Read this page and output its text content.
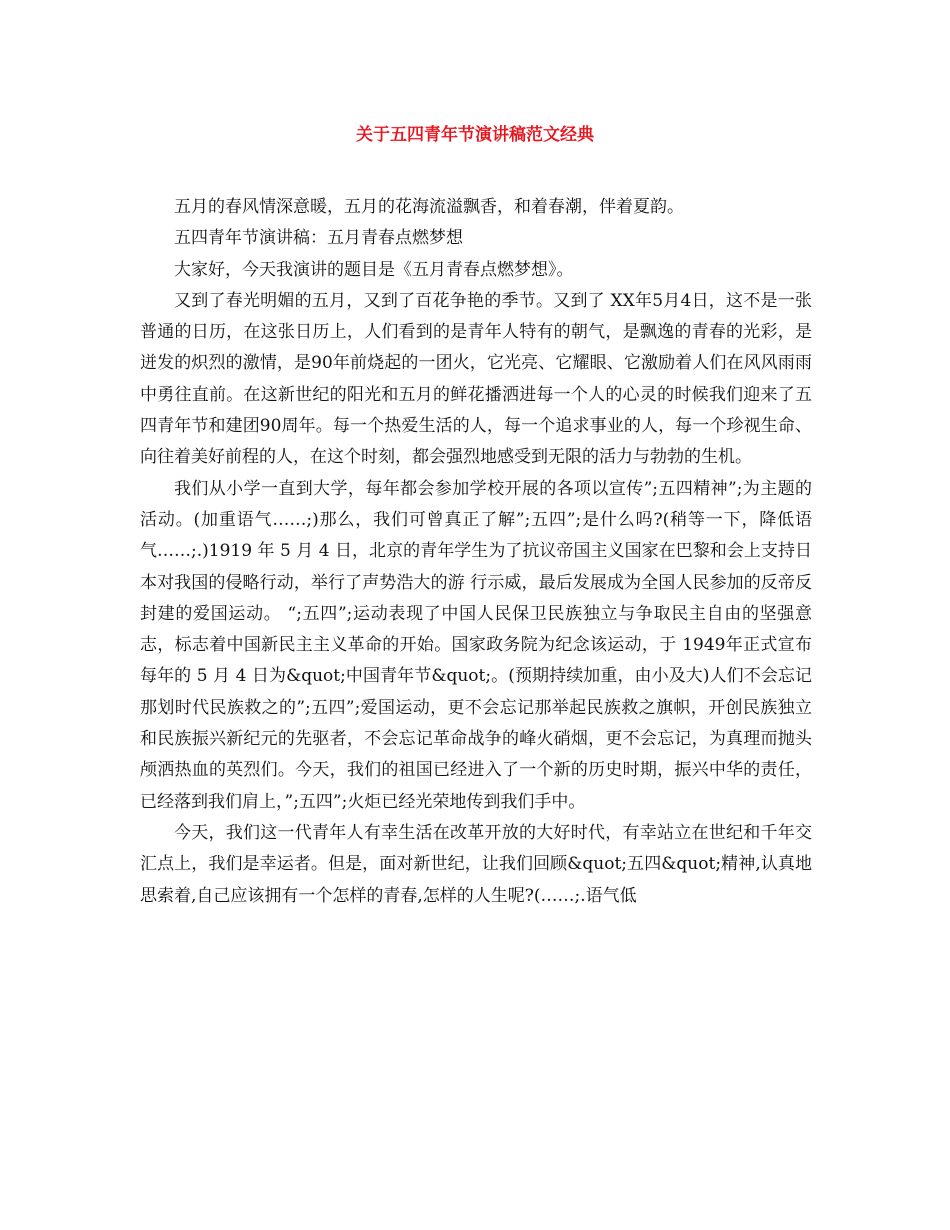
关于五四青年节演讲稿范文经典

五月的春风情深意暖，五月的花海流溢飘香，和着春潮，伴着夏韵。

五四青年节演讲稿：五月青春点燃梦想

大家好，今天我演讲的题目是《五月青春点燃梦想》。

又到了春光明媚的五月，又到了百花争艳的季节。又到了 XX年5月4日，这不是一张普通的日历，在这张日历上，人们看到的是青年人特有的朝气，是飘逸的青春的光彩，是迸发的炽烈的激情，是90年前烧起的一团火，它光亮、它耀眼、它激励着人们在风风雨雨中勇往直前。在这新世纪的阳光和五月的鲜花播洒进每一个人的心灵的时候我们迎来了五四青年节和建团90周年。每一个热爱生活的人，每一个追求事业的人，每一个珍视生命、向往着美好前程的人，在这个时刻，都会强烈地感受到无限的活力与勃勃的生机。

我们从小学一直到大学，每年都会参加学校开展的各项以宣传”;五四精神”;为主题的活动。(加重语气……;)那么，我们可曾真正了解”;五四”;是什么吗?(稍等一下，降低语气……;.)1919 年 5 月 4 日，北京的青年学生为了抗议帝国主义国家在巴黎和会上支持日本对我国的侵略行动，举行了声势浩大的游 行示威，最后发展成为全国人民参加的反帝反封建的爱国运动。 “;五四”;运动表现了中国人民保卫民族独立与争取民主自由的坚强意志，标志着中国新民主主义革命的开始。国家政务院为纪念该运动，于 1949年正式宣布每年的 5 月 4 日为&quot;中国青年节&quot;。(预期持续加重，由小及大)人们不会忘记那划时代民族救之的”;五四”;爱国运动，更不会忘记那举起民族救之旗帜，开创民族独立和民族振兴新纪元的先驱者，不会忘记革命战争的峰火硝烟，更不会忘记，为真理而抛头颅洒热血的英烈们。今天，我们的祖国已经进入了一个新的历史时期，振兴中华的责任，已经落到我们肩上，”;五四”;火炬已经光荣地传到我们手中。

今天，我们这一代青年人有幸生活在改革开放的大好时代，有幸站立在世纪和千年交汇点上，我们是幸运者。但是，面对新世纪，让我们回顾&quot;五四&quot;精神,认真地思索着,自己应该拥有一个怎样的青春,怎样的人生呢?(……;.语气低
